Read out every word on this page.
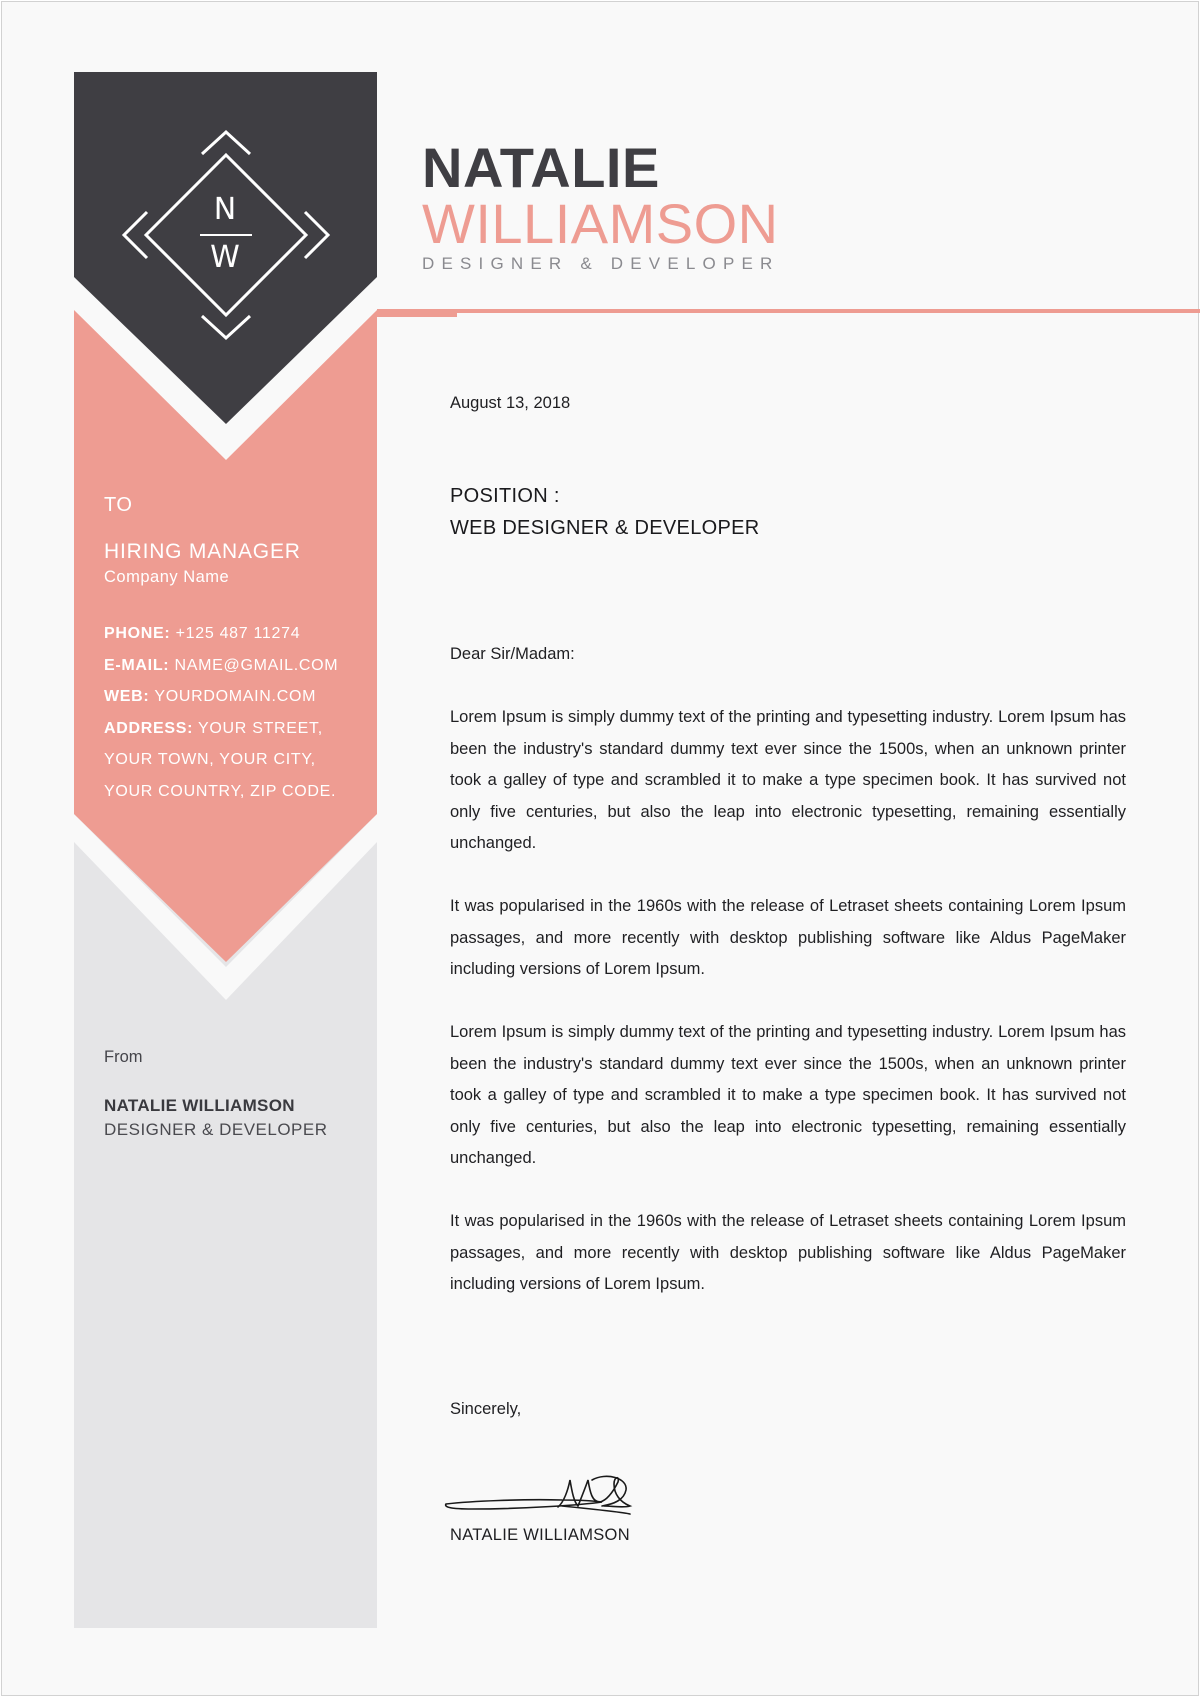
N
W
NATALIE
WILLIAMSON
DESIGNER & DEVELOPER
TO
HIRING MANAGER
Company Name
PHONE: +125 487 11274
E-MAIL: NAME@GMAIL.COM
WEB: YOURDOMAIN.COM
ADDRESS: YOUR STREET,
YOUR TOWN, YOUR CITY,
YOUR COUNTRY, ZIP CODE.
From
NATALIE WILLIAMSON
DESIGNER & DEVELOPER
August 13, 2018
POSITION :
WEB DESIGNER & DEVELOPER
Dear Sir/Madam:

Lorem Ipsum is simply dummy text of the printing and typesetting industry. Lorem Ipsum has been the industry's standard dummy text ever since the 1500s, when an unknown printer took a galley of type and scrambled it to make a type specimen book. It has survived not only five centuries, but also the leap into electronic typesetting, remaining essentially unchanged.

It was popularised in the 1960s with the release of Letraset sheets containing Lorem Ipsum passages, and more recently with desktop publishing software like Aldus PageMaker including versions of Lorem Ipsum.

Lorem Ipsum is simply dummy text of the printing and typesetting industry. Lorem Ipsum has been the industry's standard dummy text ever since the 1500s, when an unknown printer took a galley of type and scrambled it to make a type specimen book. It has survived not only five centuries, but also the leap into electronic typesetting, remaining essentially unchanged.

It was popularised in the 1960s with the release of Letraset sheets containing Lorem Ipsum passages, and more recently with desktop publishing software like Aldus PageMaker including versions of Lorem Ipsum.

Sincerely,
NATALIE WILLIAMSON
